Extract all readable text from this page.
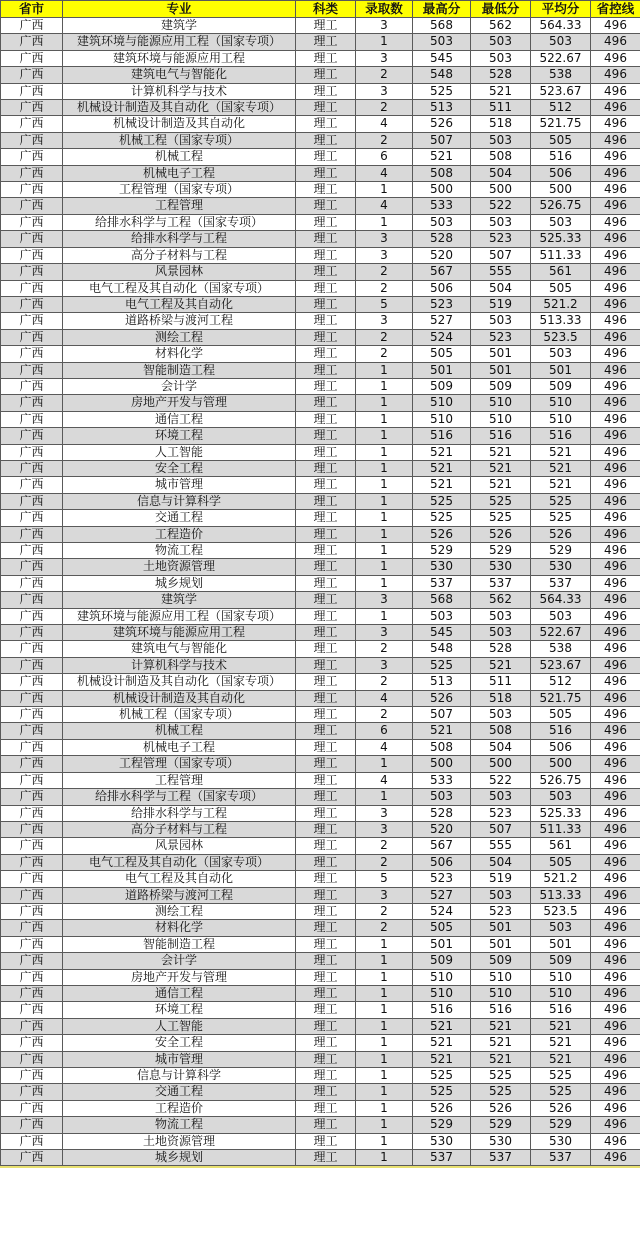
省市	专业	科类	录取数	最高分	最低分	平均分	省控线
广西	建筑学	理工	3	568	562	564.33	496
广西	建筑环境与能源应用工程（国家专项）	理工	1	503	503	503	496
广西	建筑环境与能源应用工程	理工	3	545	503	522.67	496
广西	建筑电气与智能化	理工	2	548	528	538	496
广西	计算机科学与技术	理工	3	525	521	523.67	496
广西	机械设计制造及其自动化（国家专项）	理工	2	513	511	512	496
广西	机械设计制造及其自动化	理工	4	526	518	521.75	496
广西	机械工程（国家专项）	理工	2	507	503	505	496
广西	机械工程	理工	6	521	508	516	496
广西	机械电子工程	理工	4	508	504	506	496
广西	工程管理（国家专项）	理工	1	500	500	500	496
广西	工程管理	理工	4	533	522	526.75	496
广西	给排水科学与工程（国家专项）	理工	1	503	503	503	496
广西	给排水科学与工程	理工	3	528	523	525.33	496
广西	高分子材料与工程	理工	3	520	507	511.33	496
广西	风景园林	理工	2	567	555	561	496
广西	电气工程及其自动化（国家专项）	理工	2	506	504	505	496
广西	电气工程及其自动化	理工	5	523	519	521.2	496
广西	道路桥梁与渡河工程	理工	3	527	503	513.33	496
广西	测绘工程	理工	2	524	523	523.5	496
广西	材料化学	理工	2	505	501	503	496
广西	智能制造工程	理工	1	501	501	501	496
广西	会计学	理工	1	509	509	509	496
广西	房地产开发与管理	理工	1	510	510	510	496
广西	通信工程	理工	1	510	510	510	496
广西	环境工程	理工	1	516	516	516	496
广西	人工智能	理工	1	521	521	521	496
广西	安全工程	理工	1	521	521	521	496
广西	城市管理	理工	1	521	521	521	496
广西	信息与计算科学	理工	1	525	525	525	496
广西	交通工程	理工	1	525	525	525	496
广西	工程造价	理工	1	526	526	526	496
广西	物流工程	理工	1	529	529	529	496
广西	土地资源管理	理工	1	530	530	530	496
广西	城乡规划	理工	1	537	537	537	496
广西	建筑学	理工	3	568	562	564.33	496
广西	建筑环境与能源应用工程（国家专项）	理工	1	503	503	503	496
广西	建筑环境与能源应用工程	理工	3	545	503	522.67	496
广西	建筑电气与智能化	理工	2	548	528	538	496
广西	计算机科学与技术	理工	3	525	521	523.67	496
广西	机械设计制造及其自动化（国家专项）	理工	2	513	511	512	496
广西	机械设计制造及其自动化	理工	4	526	518	521.75	496
广西	机械工程（国家专项）	理工	2	507	503	505	496
广西	机械工程	理工	6	521	508	516	496
广西	机械电子工程	理工	4	508	504	506	496
广西	工程管理（国家专项）	理工	1	500	500	500	496
广西	工程管理	理工	4	533	522	526.75	496
广西	给排水科学与工程（国家专项）	理工	1	503	503	503	496
广西	给排水科学与工程	理工	3	528	523	525.33	496
广西	高分子材料与工程	理工	3	520	507	511.33	496
广西	风景园林	理工	2	567	555	561	496
广西	电气工程及其自动化（国家专项）	理工	2	506	504	505	496
广西	电气工程及其自动化	理工	5	523	519	521.2	496
广西	道路桥梁与渡河工程	理工	3	527	503	513.33	496
广西	测绘工程	理工	2	524	523	523.5	496
广西	材料化学	理工	2	505	501	503	496
广西	智能制造工程	理工	1	501	501	501	496
广西	会计学	理工	1	509	509	509	496
广西	房地产开发与管理	理工	1	510	510	510	496
广西	通信工程	理工	1	510	510	510	496
广西	环境工程	理工	1	516	516	516	496
广西	人工智能	理工	1	521	521	521	496
广西	安全工程	理工	1	521	521	521	496
广西	城市管理	理工	1	521	521	521	496
广西	信息与计算科学	理工	1	525	525	525	496
广西	交通工程	理工	1	525	525	525	496
广西	工程造价	理工	1	526	526	526	496
广西	物流工程	理工	1	529	529	529	496
广西	土地资源管理	理工	1	530	530	530	496
广西	城乡规划	理工	1	537	537	537	496
